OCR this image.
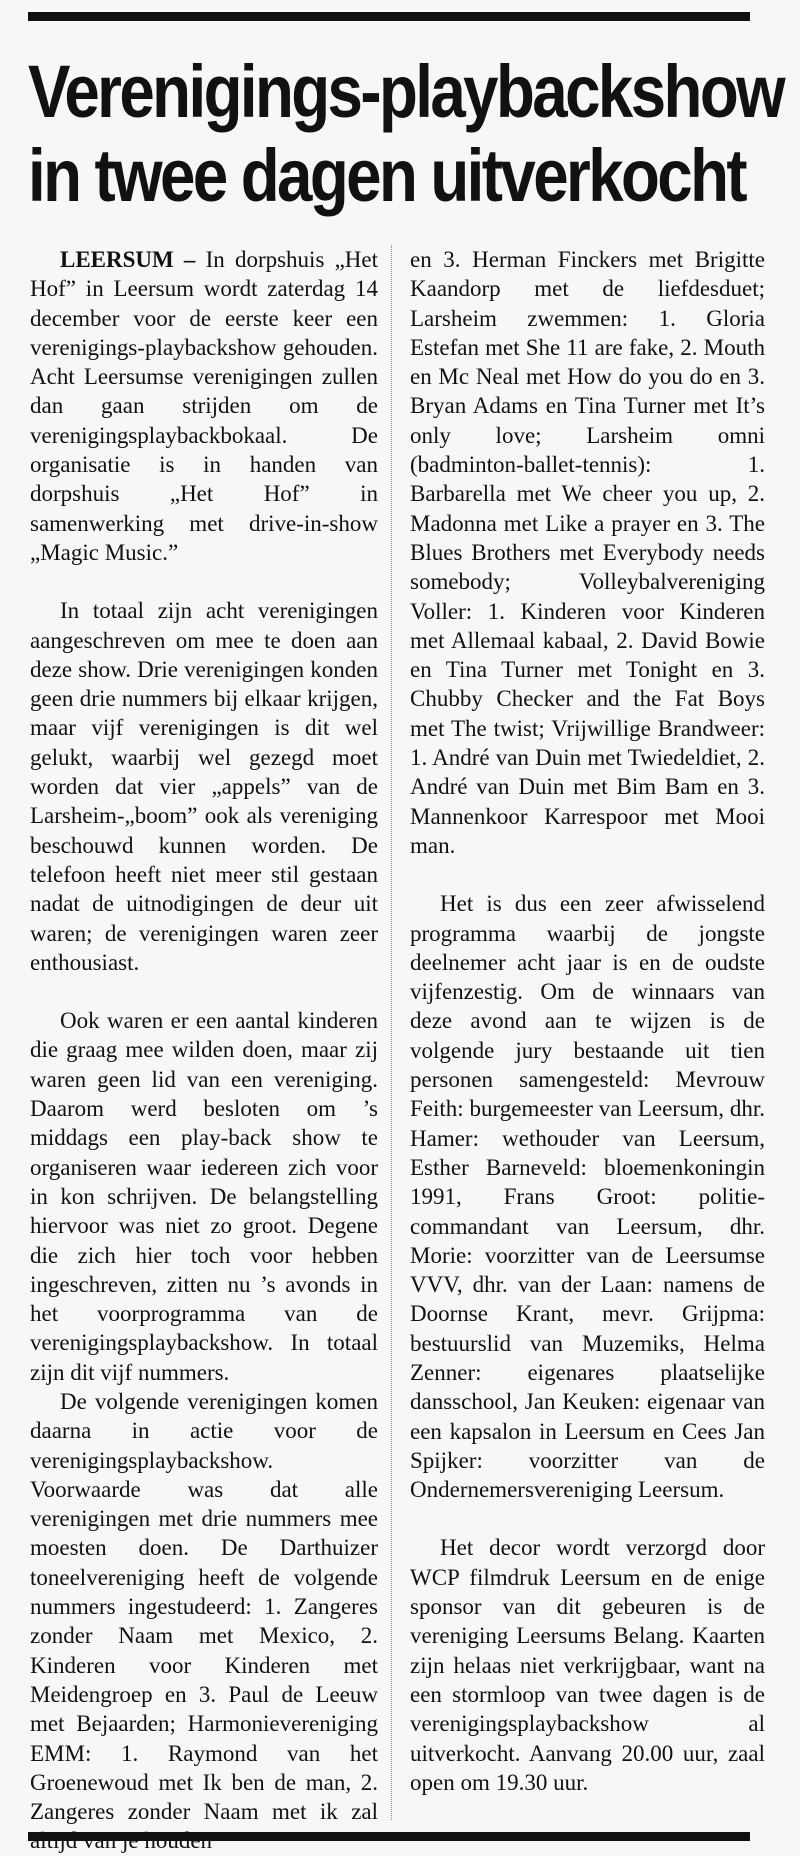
Verenigings-playbackshow
in twee dagen uitverkocht

LEERSUM – In dorpshuis „Het Hof” in Leersum wordt zaterdag 14 december voor de eerste keer een verenigings-playbackshow gehouden. Acht Leersumse verenigingen zullen dan gaan strijden om de verenigingsplaybackbokaal. De organisatie is in handen van dorpshuis „Het Hof” in samenwerking met drive-in-show „Magic Music.”

In totaal zijn acht verenigingen aangeschreven om mee te doen aan deze show. Drie verenigingen konden geen drie nummers bij elkaar krijgen, maar vijf verenigingen is dit wel gelukt, waarbij wel gezegd moet worden dat vier „appels” van de Larsheim-„boom” ook als vereniging beschouwd kunnen worden. De telefoon heeft niet meer stil gestaan nadat de uitnodigingen de deur uit waren; de verenigingen waren zeer enthousiast.

Ook waren er een aantal kinderen die graag mee wilden doen, maar zij waren geen lid van een vereniging. Daarom werd besloten om ’s middags een play-back show te organiseren waar iedereen zich voor in kon schrijven. De belangstelling hiervoor was niet zo groot. Degene die zich hier toch voor hebben ingeschreven, zitten nu ’s avonds in het voorprogramma van de verenigingsplaybackshow. In totaal zijn dit vijf nummers.

De volgende verenigingen komen daarna in actie voor de verenigingsplaybackshow.

Voorwaarde was dat alle verenigingen met drie nummers mee moesten doen. De Darthuizer toneelvereniging heeft de volgende nummers ingestudeerd: 1. Zangeres zonder Naam met Mexico, 2. Kinderen voor Kinderen met Meidengroep en 3. Paul de Leeuw met Bejaarden; Harmonievereniging EMM: 1. Raymond van het Groenewoud met Ik ben de man, 2. Zangeres zonder Naam met ik zal

en 3. Herman Finckers met Brigitte Kaandorp met de liefdesduet; Larsheim zwemmen: 1. Gloria Estefan met She 11 are fake, 2. Mouth en Mc Neal met How do you do en 3. Bryan Adams en Tina Turner met It’s only love; Larsheim omni (badminton-ballet-tennis): 1. Barbarella met We cheer you up, 2. Madonna met Like a prayer en 3. The Blues Brothers met Everybody needs somebody; Volleybalvereniging Voller: 1. Kinderen voor Kinderen met Allemaal kabaal, 2. David Bowie en Tina Turner met Tonight en 3. Chubby Checker and the Fat Boys met The twist; Vrijwillige Brandweer: 1. André van Duin met Twiedeldiet, 2. André van Duin met Bim Bam en 3. Mannenkoor Karrespoor met Mooi man.

Het is dus een zeer afwisselend programma waarbij de jongste deelnemer acht jaar is en de oudste vijfenzestig. Om de winnaars van deze avond aan te wijzen is de volgende jury bestaande uit tien personen samengesteld: Mevrouw Feith: burgemeester van Leersum, dhr. Hamer: wethouder van Leersum, Esther Barneveld: bloemenkoningin 1991, Frans Groot: politie-commandant van Leersum, dhr. Morie: voorzitter van de Leersumse VVV, dhr. van der Laan: namens de Doornse Krant, mevr. Grijpma: bestuurslid van Muzemiks, Helma Zenner: eigenares plaatselijke dansschool, Jan Keuken: eigenaar van een kapsalon in Leersum en Cees Jan Spijker: voorzitter van de Ondernemersvereniging Leersum.

Het decor wordt verzorgd door WCP filmdruk Leersum en de enige sponsor van dit gebeuren is de vereniging Leersums Belang. Kaarten zijn helaas niet verkrijgbaar, want na een stormloop van twee dagen is de verenigingsplaybackshow al uitverkocht. Aanvang 20.00 uur, zaal open om 19.30 uur.
